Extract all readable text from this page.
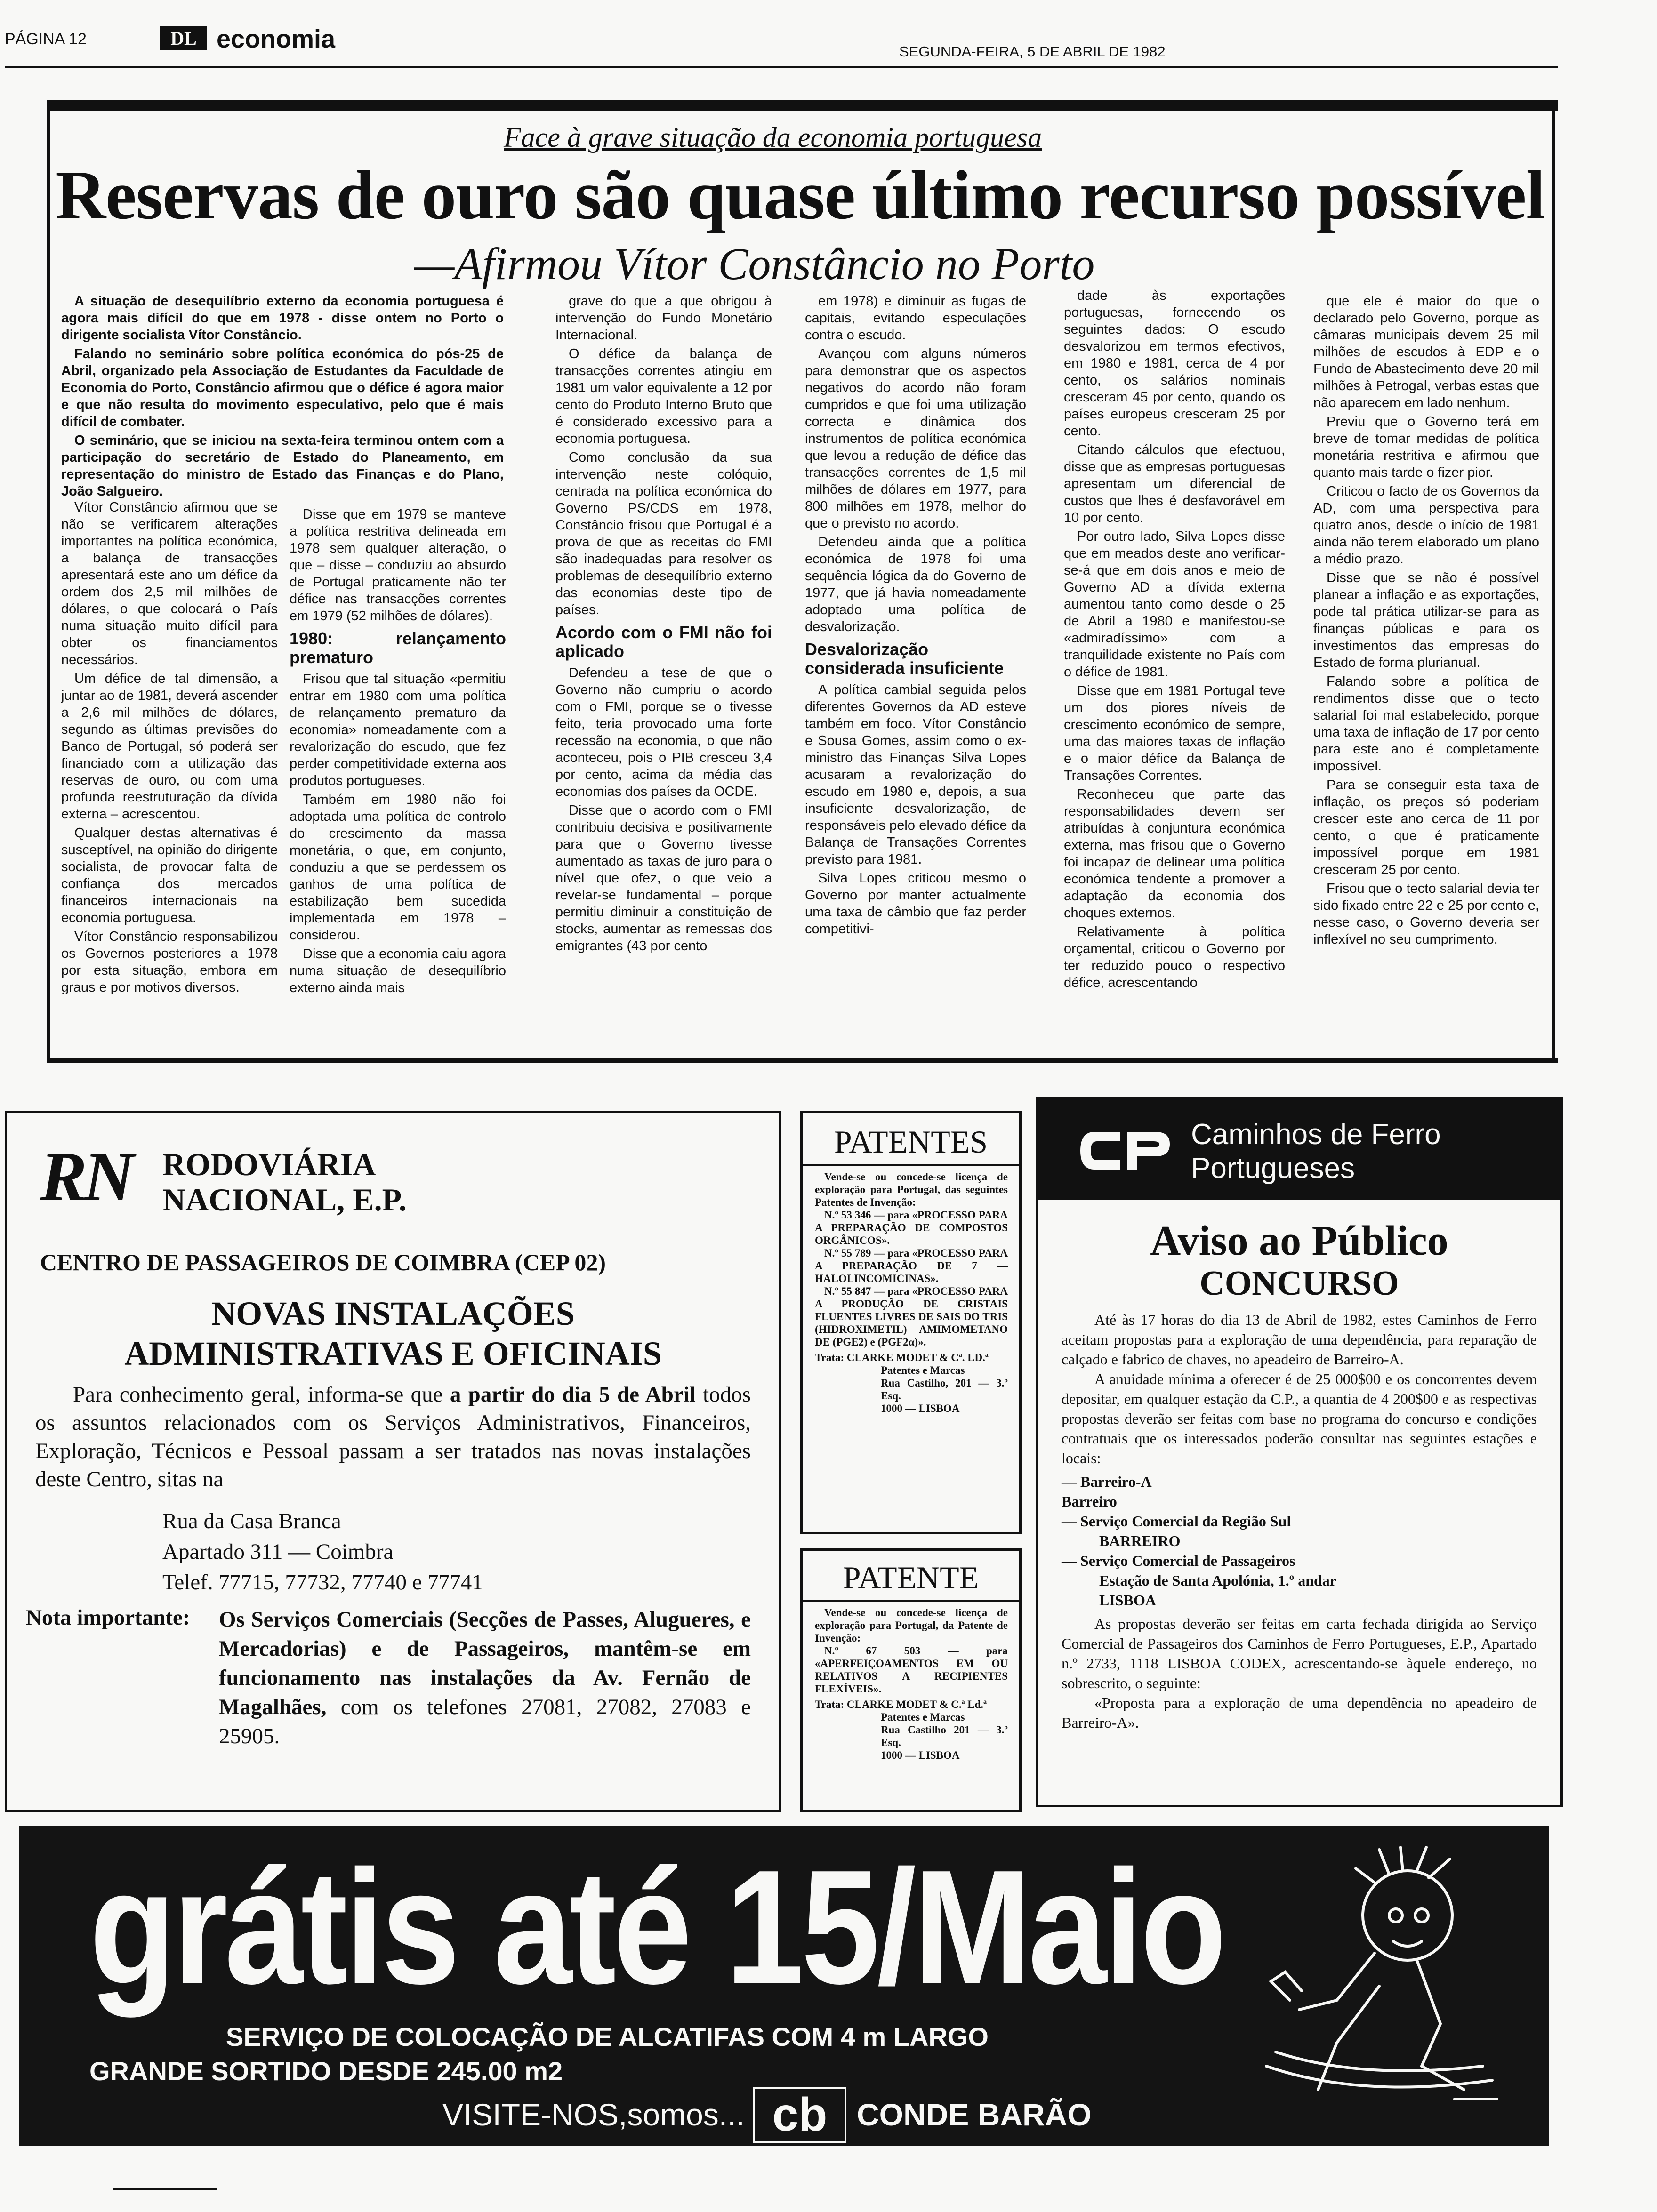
PÁGINA 12	DL economia	SEGUNDA-FEIRA, 5 DE ABRIL DE 1982
Face à grave situação da economia portuguesa
Reservas de ouro são quase último recurso possível
—Afirmou Vítor Constâncio no Porto

A situação de desequilíbrio externo da economia portuguesa é agora mais difícil do que em 1978 - disse ontem no Porto o dirigente socialista Vítor Constâncio.

Falando no seminário sobre política económica do pós-25 de Abril, organizado pela Associação de Estudantes da Faculdade de Economia do Porto, Constâncio afirmou que o défice é agora maior e que não resulta do movimento especulativo, pelo que é mais difícil de combater.

O seminário, que se iniciou na sexta-feira terminou ontem com a participação do secretário de Estado do Planeamento, em representação do ministro de Estado das Finanças e do Plano, João Salgueiro.

Vítor Constâncio afirmou que se não se verificarem alterações importantes na política económica, a balança de transacções apresentará este ano um défice da ordem dos 2,5 mil milhões de dólares, o que colocará o País numa situação muito difícil para obter os financiamentos necessários.

Um défice de tal dimensão, a juntar ao de 1981, deverá ascender a 2,6 mil milhões de dólares, segundo as últimas previsões do Banco de Portugal, só poderá ser financiado com a utilização das reservas de ouro, ou com uma profunda reestruturação da dívida externa – acrescentou.

Qualquer destas alternativas é susceptível, na opinião do dirigente socialista, de provocar falta de confiança dos mercados financeiros internacionais na economia portuguesa.

Vítor Constâncio responsabilizou os Governos posteriores a 1978 por esta situação, embora em graus e por motivos diversos.

Disse que em 1979 se manteve a política restritiva delineada em 1978 sem qualquer alteração, o que – disse – conduziu ao absurdo de Portugal praticamente não ter défice nas transacções correntes em 1979 (52 milhões de dólares).

1980: relançamento prematuro

Frisou que tal situação «permitiu entrar em 1980 com uma política de relançamento prematuro da economia» nomeadamente com a revalorização do escudo, que fez perder competitividade externa aos produtos portugueses.

Também em 1980 não foi adoptada uma política de controlo do crescimento da massa monetária, o que, em conjunto, conduziu a que se perdessem os ganhos de uma política de estabilização bem sucedida implementada em 1978 – considerou.

Disse que a economia caiu agora numa situação de desequilíbrio externo ainda mais

grave do que a que obrigou à intervenção do Fundo Monetário Internacional.

O défice da balança de transacções correntes atingiu em 1981 um valor equivalente a 12 por cento do Produto Interno Bruto que é considerado excessivo para a economia portuguesa.

Como conclusão da sua intervenção neste colóquio, centrada na política económica do Governo PS/CDS em 1978, Constâncio frisou que Portugal é a prova de que as receitas do FMI são inadequadas para resolver os problemas de desequilíbrio externo das economias deste tipo de países.

Acordo com o FMI não foi aplicado

Defendeu a tese de que o Governo não cumpriu o acordo com o FMI, porque se o tivesse feito, teria provocado uma forte recessão na economia, o que não aconteceu, pois o PIB cresceu 3,4 por cento, acima da média das economias dos países da OCDE.

Disse que o acordo com o FMI contribuiu decisiva e positivamente para que o Governo tivesse aumentado as taxas de juro para o nível que ofez, o que veio a revelar-se fundamental – porque permitiu diminuir a constituição de stocks, aumentar as remessas dos emigrantes (43 por cento

em 1978) e diminuir as fugas de capitais, evitando especulações contra o escudo.

Avançou com alguns números para demonstrar que os aspectos negativos do acordo não foram cumpridos e que foi uma utilização correcta e dinâmica dos instrumentos de política económica que levou a redução de défice das transacções correntes de 1,5 mil milhões de dólares em 1977, para 800 milhões em 1978, melhor do que o previsto no acordo.

Defendeu ainda que a política económica de 1978 foi uma sequência lógica da do Governo de 1977, que já havia nomeadamente adoptado uma política de desvalorização.

Desvalorização considerada insuficiente

A política cambial seguida pelos diferentes Governos da AD esteve também em foco. Vítor Constâncio e Sousa Gomes, assim como o ex-ministro das Finanças Silva Lopes acusaram a revalorização do escudo em 1980 e, depois, a sua insuficiente desvalorização, de responsáveis pelo elevado défice da Balança de Transações Correntes previsto para 1981.

Silva Lopes criticou mesmo o Governo por manter actualmente uma taxa de câmbio que faz perder competitivi-

dade às exportações portuguesas, fornecendo os seguintes dados: O escudo desvalorizou em termos efectivos, em 1980 e 1981, cerca de 4 por cento, os salários nominais cresceram 45 por cento, quando os países europeus cresceram 25 por cento.

Citando cálculos que efectuou, disse que as empresas portuguesas apresentam um diferencial de custos que lhes é desfavorável em 10 por cento.

Por outro lado, Silva Lopes disse que em meados deste ano verificar-se-á que em dois anos e meio de Governo AD a dívida externa aumentou tanto como desde o 25 de Abril a 1980 e manifestou-se «admiradíssimo» com a tranquilidade existente no País com o défice de 1981.

Disse que em 1981 Portugal teve um dos piores níveis de crescimento económico de sempre, uma das maiores taxas de inflação e o maior défice da Balança de Transações Correntes.

Reconheceu que parte das responsabilidades devem ser atribuídas à conjuntura económica externa, mas frisou que o Governo foi incapaz de delinear uma política económica tendente a promover a adaptação da economia dos choques externos.

Relativamente à política orçamental, criticou o Governo por ter reduzido pouco o respectivo défice, acrescentando

que ele é maior do que o declarado pelo Governo, porque as câmaras municipais devem 25 mil milhões de escudos à EDP e o Fundo de Abastecimento deve 20 mil milhões à Petrogal, verbas estas que não aparecem em lado nenhum.

Previu que o Governo terá em breve de tomar medidas de política monetária restritiva e afirmou que quanto mais tarde o fizer pior.

Criticou o facto de os Governos da AD, com uma perspectiva para quatro anos, desde o início de 1981 ainda não terem elaborado um plano a médio prazo.

Disse que se não é possível planear a inflação e as exportações, pode tal prática utilizar-se para as finanças públicas e para os investimentos das empresas do Estado de forma plurianual.

Falando sobre a política de rendimentos disse que o tecto salarial foi mal estabelecido, porque uma taxa de inflação de 17 por cento para este ano é completamente impossível.

Para se conseguir esta taxa de inflação, os preços só poderiam crescer este ano cerca de 11 por cento, o que é praticamente impossível porque em 1981 cresceram 25 por cento.

Frisou que o tecto salarial devia ter sido fixado entre 22 e 25 por cento e, nesse caso, o Governo deveria ser inflexível no seu cumprimento.

RN RODOVIÁRIA
NACIONAL, E.P.
CENTRO DE PASSAGEIROS DE COIMBRA (CEP 02)
NOVAS INSTALAÇÕES
ADMINISTRATIVAS E OFICINAIS
Para conhecimento geral, informa-se que a partir do dia 5 de Abril todos os assuntos relacionados com os Serviços Administrativos, Financeiros, Exploração, Técnicos e Pessoal passam a ser tratados nas novas instalações deste Centro, sitas na
Rua da Casa Branca
Apartado 311 — Coimbra
Telef. 77715, 77732, 77740 e 77741
Nota importante: Os Serviços Comerciais (Secções de Passes, Alugueres, e Mercadorias) e de Passageiros, mantêm-se em funcionamento nas instalações da Av. Fernão de Magalhães, com os telefones 27081, 27082, 27083 e 25905.
PATENTES
Vende-se ou concede-se licença de exploração para Portugal, das seguintes Patentes de Invenção:
N.º 53 346 — para «PROCESSO PARA A PREPARAÇÃO DE COMPOSTOS ORGÂNICOS».
N.º 55 789 — para «PROCESSO PARA A PREPARAÇÃO DE 7 — HALOLINCOMICINAS».
N.º 55 847 — para «PROCESSO PARA A PRODUÇÃO DE CRISTAIS FLUENTES LIVRES DE SAIS DO TRIS (HIDROXIMETIL) AMIMOMETANO DE (PGE2) e (PGF2α)».
Trata: CLARKE MODET & Cª. LD.ª
Patentes e Marcas
Rua Castilho, 201 — 3.º Esq.
1000 — LISBOA
PATENTE
Vende-se ou concede-se licença de exploração para Portugal, da Patente de Invenção:
N.º 67 503 — para «APERFEIÇOAMENTOS EM OU RELATIVOS A RECIPIENTES FLEXÍVEIS».
Trata: CLARKE MODET & C.ª Ld.ª
Patentes e Marcas
Rua Castilho 201 — 3.º Esq.
1000 — LISBOA
Caminhos de Ferro
Portugueses
Aviso ao Público
CONCURSO
Até às 17 horas do dia 13 de Abril de 1982, estes Caminhos de Ferro aceitam propostas para a exploração de uma dependência, para reparação de calçado e fabrico de chaves, no apeadeiro de Barreiro-A.
A anuidade mínima a oferecer é de 25 000$00 e os concorrentes devem depositar, em qualquer estação da C.P., a quantia de 4 200$00 e as respectivas propostas deverão ser feitas com base no programa do concurso e condições contratuais que os interessados poderão consultar nas seguintes estações e locais:
— Barreiro-A
Barreiro
— Serviço Comercial da Região Sul
BARREIRO
— Serviço Comercial de Passageiros
Estação de Santa Apolónia, 1.º andar
LISBOA
As propostas deverão ser feitas em carta fechada dirigida ao Serviço Comercial de Passageiros dos Caminhos de Ferro Portugueses, E.P., Apartado n.º 2733, 1118 LISBOA CODEX, acrescentando-se àquele endereço, no sobrescrito, o seguinte:
«Proposta para a exploração de uma dependência no apeadeiro de Barreiro-A».
grátis até 15/Maio
SERVIÇO DE COLOCAÇÃO DE ALCATIFAS COM 4 m LARGO
GRANDE SORTIDO DESDE 245.00 m2
VISITE-NOS,somos... cb CONDE BARÃO
